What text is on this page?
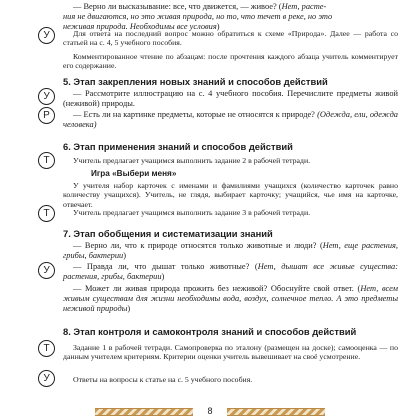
— Верно ли высказывание: все, что движется, — живое? (Нет, расте-
ния не двигаются, но это живая природа, но то, что течет в реке, но это
неживая природа. Необходимы все условия)
У	Для ответа на последний вопрос можно обратиться к схеме «Природа». Далее — работа со статьей на с. 4, 5 учебного пособия.
Комментированное чтение по абзацам: после прочтения каждого абзаца учитель комментирует его содержание.
5. Этап закрепления новых знаний и способов действий
У	— Рассмотрите иллюстрацию на с. 4 учебного пособия. Перечислите предметы живой (неживой) природы.
Р	— Есть ли на картинке предметы, которые не относятся к природе? (Одежда, ели, одежда человека)
6. Этап применения знаний и способов действий
Т	Учитель предлагает учащимся выполнить задание 2 в рабочей тетради.
Игра «Выбери меня»
У учителя набор карточек с именами и фамилиями учащихся (количество карточек равно количеству учащихся). Учитель, не глядя, выбирает карточку; учащийся, чье имя на карточке, отвечает.
Т	Учитель предлагает учащимся выполнить задание 3 в рабочей тетради.
7. Этап обобщения и систематизации знаний
— Верно ли, что к природе относятся только животные и люди? (Нет, еще растения, грибы, бактерии)
У	— Правда ли, что дышат только животные? (Нет, дышат все живые существа: растения, грибы, бактерии)
— Может ли живая природа прожить без неживой? Обоснуйте свой ответ. (Нет, всем живым существам для жизни необходимы вода, воздух, солнечное тепло. А это предметы неживой природы)
8. Этап контроля и самоконтроля знаний и способов действий
Т	Задание 1 в рабочей тетради. Самопроверка по эталону (размещен на доске); самооценка — по данным учителем критериям. Критерии оценки учитель вывешивает на своё усмотрение.
У	Ответы на вопросы к статье на с. 5 учебного пособия.
8
